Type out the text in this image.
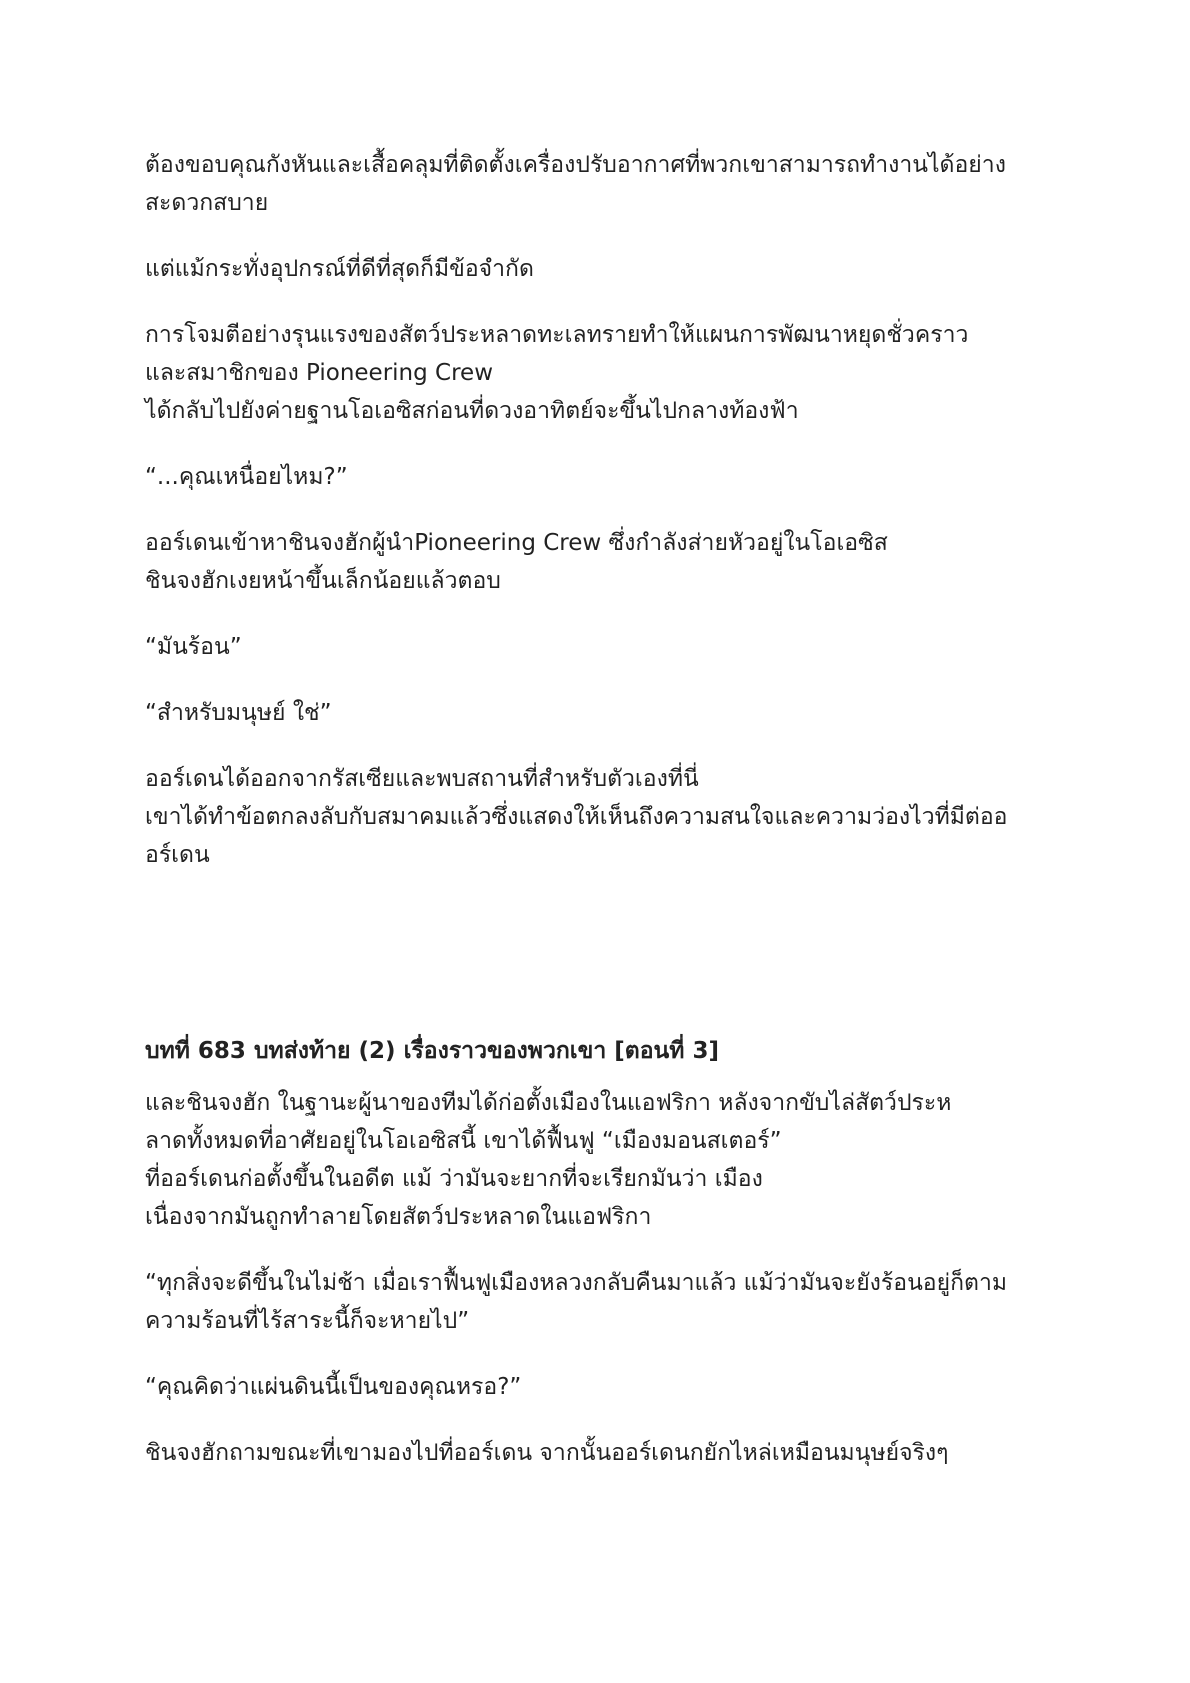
ต้องขอบคุณกังหันและเสื้อคลุมที่ติดตั้งเครื่องปรับอากาศที่พวกเขาสามารถทำงานได้อย่าง
สะดวกสบาย

แต่แม้กระทั่งอุปกรณ์ที่ดีที่สุดก็มีข้อจำกัด

การโจมตีอย่างรุนแรงของสัตว์ประหลาดทะเลทรายทำให้แผนการพัฒนาหยุดชั่วคราว
และสมาชิกของ Pioneering Crew
ได้กลับไปยังค่ายฐานโอเอซิสก่อนที่ดวงอาทิตย์จะขึ้นไปกลางท้องฟ้า

“...คุณเหนื่อยไหม?”

ออร์เดนเข้าหาชินจงฮักผู้นำPioneering Crew ซึ่งกำลังส่ายหัวอยู่ในโอเอซิส
ชินจงฮักเงยหน้าขึ้นเล็กน้อยแล้วตอบ

“มันร้อน”

“สำหรับมนุษย์ ใช่”

ออร์เดนได้ออกจากรัสเซียและพบสถานที่สำหรับตัวเองที่นี่
เขาได้ทำข้อตกลงลับกับสมาคมแล้วซึ่งแสดงให้เห็นถึงความสนใจและความว่องไวที่มีต่ออ
อร์เดน

บทที่ 683 บทส่งท้าย (2) เรื่องราวของพวกเขา [ตอนที่ 3]

และชินจงฮัก ในฐานะผู้นาของทีมได้ก่อตั้งเมืองในแอฟริกา หลังจากขับไล่สัตว์ประห
ลาดทั้งหมดที่อาศัยอยู่ในโอเอซิสนี้ เขาได้ฟื้นฟู “เมืองมอนสเตอร์”
ที่ออร์เดนก่อตั้งขึ้นในอดีต แม้ ว่ามันจะยากที่จะเรียกมันว่า เมือง
เนื่องจากมันถูกทำลายโดยสัตว์ประหลาดในแอฟริกา

“ทุกสิ่งจะดีขึ้นในไม่ช้า เมื่อเราฟื้นฟูเมืองหลวงกลับคืนมาแล้ว แม้ว่ามันจะยังร้อนอยู่ก็ตาม
ความร้อนที่ไร้สาระนี้ก็จะหายไป”

“คุณคิดว่าแผ่นดินนี้เป็นของคุณหรอ?”

ชินจงฮักถามขณะที่เขามองไปที่ออร์เดน จากนั้นออร์เดนกยักไหล่เหมือนมนุษย์จริงๆ
